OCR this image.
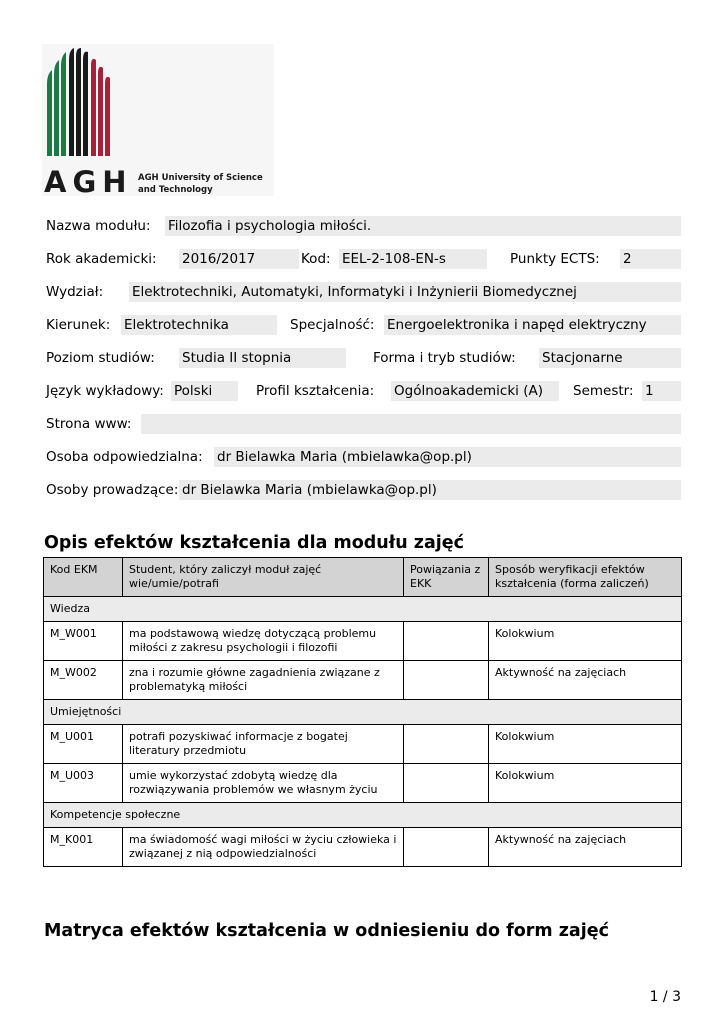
AGH AGH University of Science
and Technology
Nazwa modułu: Filozofia i psychologia miłości.
Rok akademicki: 2016/2017	Kod: EEL-2-108-EN-s	Punkty ECTS: 2
Wydział: Elektrotechniki, Automatyki, Informatyki i Inżynierii Biomedycznej
Kierunek: Elektrotechnika	Specjalność: Energoelektronika i napęd elektryczny
Poziom studiów: Studia II stopnia	Forma i tryb studiów: Stacjonarne
Język wykładowy: Polski	Profil kształcenia: Ogólnoakademicki (A)	Semestr: 1
Strona www:
Osoba odpowiedzialna: dr Bielawka Maria (mbielawka@op.pl)
Osoby prowadzące: dr Bielawka Maria (mbielawka@op.pl)
Opis efektów kształcenia dla modułu zajęć
Kod EKM	Student, który zaliczył moduł zajęć wie/umie/potrafi	Powiązania z EKK	Sposób weryfikacji efektów kształcenia (forma zaliczeń)
Wiedza			
M_W001	ma podstawową wiedzę dotyczącą problemu miłości z zakresu psychologii i filozofii		Kolokwium
M_W002	zna i rozumie główne zagadnienia związane z problematyką miłości		Aktywność na zajęciach
Umiejętności			
M_U001	potrafi pozyskiwać informacje z bogatej literatury przedmiotu		Kolokwium
M_U003	umie wykorzystać zdobytą wiedzę dla rozwiązywania problemów we własnym życiu		Kolokwium
Kompetencje społeczne			
M_K001	ma świadomość wagi miłości w życiu człowieka i związanej z nią odpowiedzialności		Aktywność na zajęciach
Matryca efektów kształcenia w odniesieniu do form zajęć
1 / 3
